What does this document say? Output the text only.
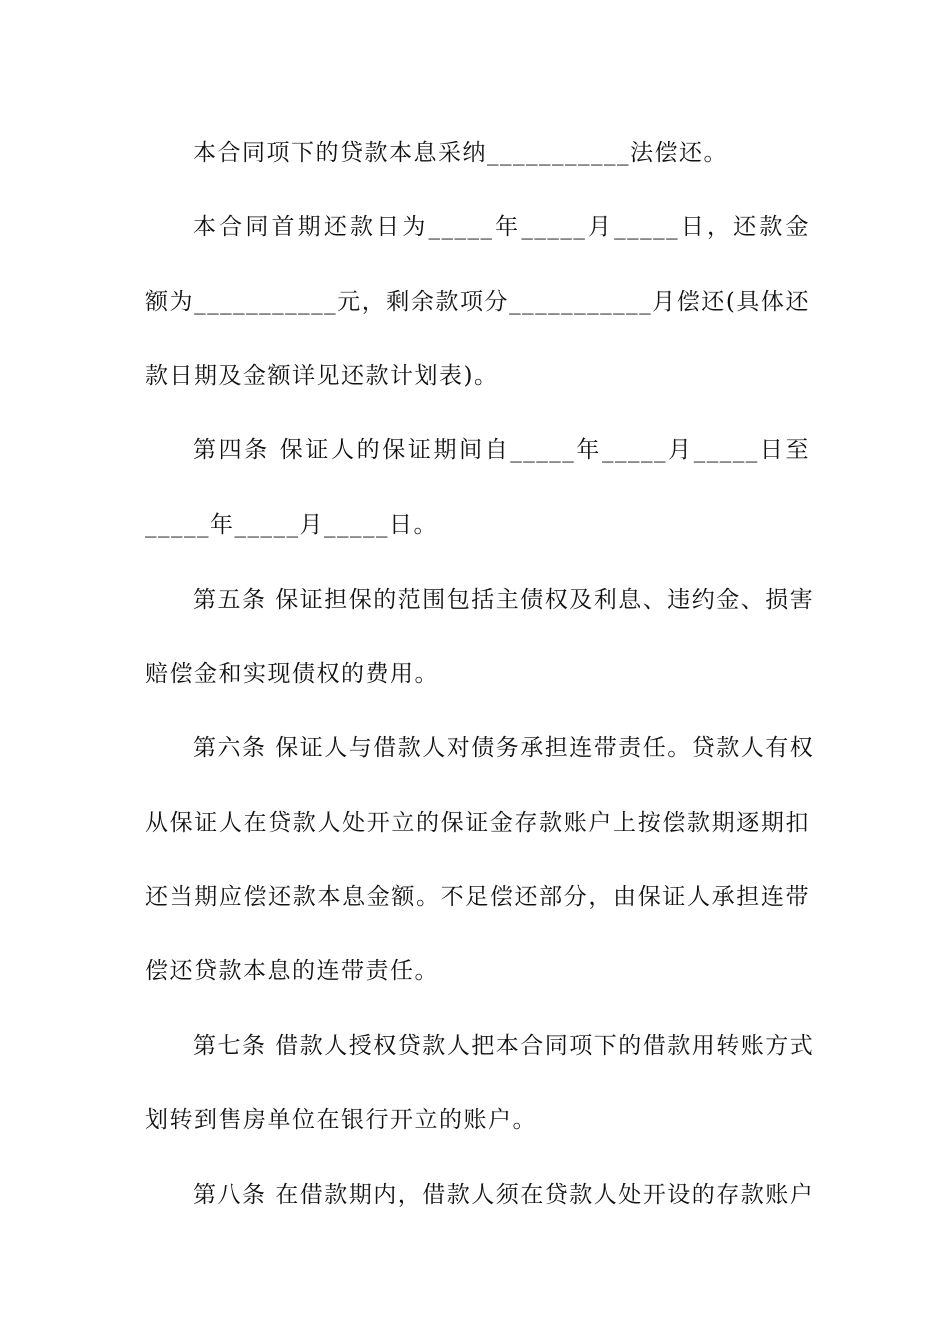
本合同项下的贷款本息采纳___________法偿还。
本合同首期还款日为_____年_____月_____日，还款金
额为___________元，剩余款项分___________月偿还(具体还
款日期及金额详见还款计划表)。
第四条 保证人的保证期间自_____年_____月_____日至
_____年_____月_____日。
第五条 保证担保的范围包括主债权及利息、违约金、损害
赔偿金和实现债权的费用。
第六条 保证人与借款人对债务承担连带责任。贷款人有权
从保证人在贷款人处开立的保证金存款账户上按偿款期逐期扣
还当期应偿还款本息金额。不足偿还部分，由保证人承担连带
偿还贷款本息的连带责任。
第七条 借款人授权贷款人把本合同项下的借款用转账方式
划转到售房单位在银行开立的账户。
第八条 在借款期内，借款人须在贷款人处开设的存款账户
